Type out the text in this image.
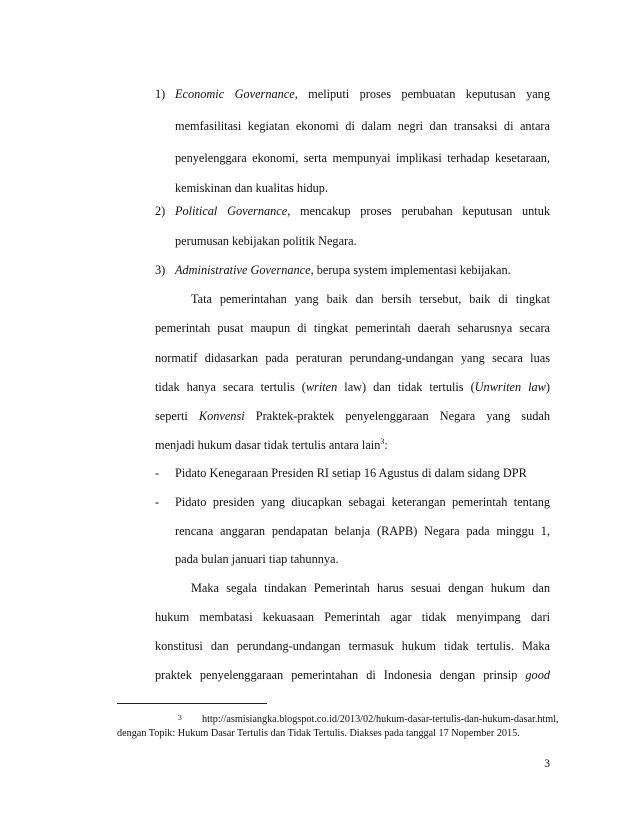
1) Economic Governance, meliputi proses pembuatan keputusan yang
memfasilitasi kegiatan ekonomi di dalam negri dan transaksi di antara
penyelenggara ekonomi, serta mempunyai implikasi terhadap kesetaraan,
kemiskinan dan kualitas hidup.
2) Political Governance, mencakup proses perubahan keputusan untuk
perumusan kebijakan politik Negara.
3) Administrative Governance, berupa system implementasi kebijakan.
Tata pemerintahan yang baik dan bersih tersebut, baik di tingkat
pemerintah pusat maupun di tingkat pemerintah daerah seharusnya secara
normatif didasarkan pada peraturan perundang-undangan yang secara luas
tidak hanya secara tertulis (writen law) dan tidak tertulis (Unwriten law)
seperti Konvensi Praktek-praktek penyelenggaraan Negara yang sudah
menjadi hukum dasar tidak tertulis antara lain$^3$:
- Pidato Kenegaraan Presiden RI setiap 16 Agustus di dalam sidang DPR
- Pidato presiden yang diucapkan sebagai keterangan pemerintah tentang
rencana anggaran pendapatan belanja (RAPB) Negara pada minggu 1,
pada bulan januari tiap tahunnya.
Maka segala tindakan Pemerintah harus sesuai dengan hukum dan
hukum membatasi kekuasaan Pemerintah agar tidak menyimpang dari
konstitusi dan perundang-undangan termasuk hukum tidak tertulis. Maka
praktek penyelenggaraan pemerintahan di Indonesia dengan prinsip good
3 http://asmisiangka.blogspot.co.id/2013/02/hukum-dasar-tertulis-dan-hukum-dasar.html,
dengan Topik: Hukum Dasar Tertulis dan Tidak Tertulis. Diakses pada tanggal 17 Nopember 2015.
3
